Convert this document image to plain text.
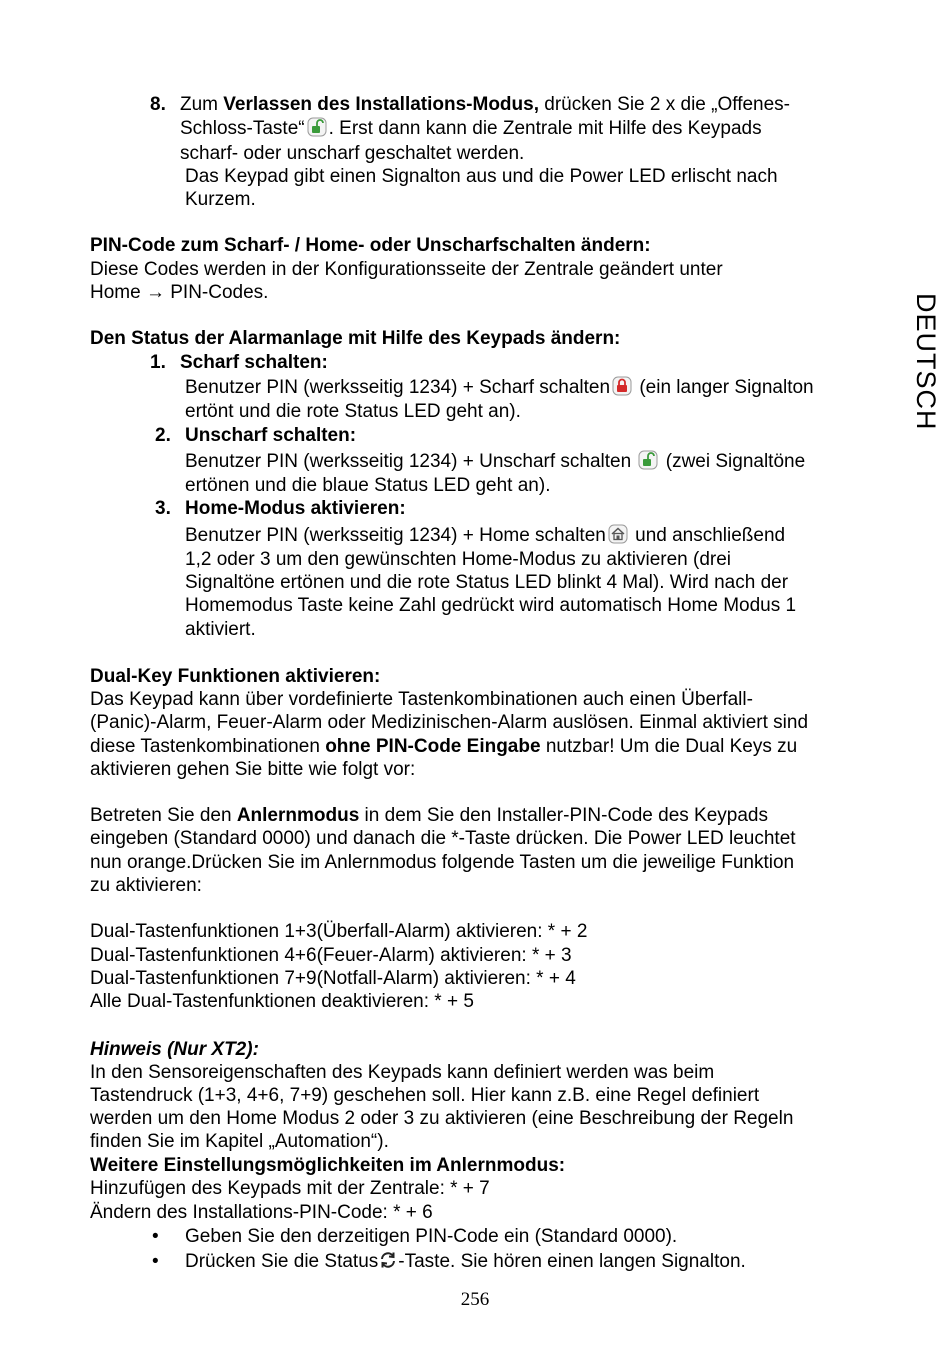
DEUTSCH
8. Zum Verlassen des Installations-Modus, drücken Sie 2 x die „Offenes-
Schloss-Taste“ . Erst dann kann die Zentrale mit Hilfe des Keypads
scharf- oder unscharf geschaltet werden.
Das Keypad gibt einen Signalton aus und die Power LED erlischt nach
Kurzem.
PIN-Code zum Scharf- / Home- oder Unscharfschalten ändern:
Diese Codes werden in der Konfigurationsseite der Zentrale geändert unter
Home → PIN-Codes.
Den Status der Alarmanlage mit Hilfe des Keypads ändern:
1. Scharf schalten:
Benutzer PIN (werksseitig 1234) + Scharf schalten
(ein langer Signalton
ertönt und die rote Status LED geht an).
2. Unscharf schalten:
Benutzer PIN (werksseitig 1234) + Unscharf schalten
(zwei Signaltöne
ertönen und die blaue Status LED geht an).
3. Home-Modus aktivieren:
Benutzer PIN (werksseitig 1234) + Home schalten
und anschließend
1,2 oder 3 um den gewünschten Home-Modus zu aktivieren (drei
Signaltöne ertönen und die rote Status LED blinkt 4 Mal). Wird nach der
Homemodus Taste keine Zahl gedrückt wird automatisch Home Modus 1
aktiviert.
Dual-Key Funktionen aktivieren:
Das Keypad kann über vordefinierte Tastenkombinationen auch einen Überfall-
(Panic)-Alarm, Feuer-Alarm oder Medizinischen-Alarm auslösen. Einmal aktiviert sind
diese Tastenkombinationen ohne PIN-Code Eingabe nutzbar! Um die Dual Keys zu
aktivieren gehen Sie bitte wie folgt vor:
Betreten Sie den Anlernmodus in dem Sie den Installer-PIN-Code des Keypads
eingeben (Standard 0000) und danach die *-Taste drücken. Die Power LED leuchtet
nun orange.Drücken Sie im Anlernmodus folgende Tasten um die jeweilige Funktion
zu aktivieren:
Dual-Tastenfunktionen 1+3(Überfall-Alarm) aktivieren: * + 2
Dual-Tastenfunktionen 4+6(Feuer-Alarm) aktivieren: * + 3
Dual-Tastenfunktionen 7+9(Notfall-Alarm) aktivieren: * + 4
Alle Dual-Tastenfunktionen deaktivieren: * + 5
Hinweis (Nur XT2):
In den Sensoreigenschaften des Keypads kann definiert werden was beim
Tastendruck (1+3, 4+6, 7+9) geschehen soll. Hier kann z.B. eine Regel definiert
werden um den Home Modus 2 oder 3 zu aktivieren (eine Beschreibung der Regeln
finden Sie im Kapitel „Automation“).
Weitere Einstellungsmöglichkeiten im Anlernmodus:
Hinzufügen des Keypads mit der Zentrale: * + 7
Ändern des Installations-PIN-Code: * + 6
• Geben Sie den derzeitigen PIN-Code ein (Standard 0000).
• Drücken Sie die Status -Taste. Sie hören einen langen Signalton.
256
